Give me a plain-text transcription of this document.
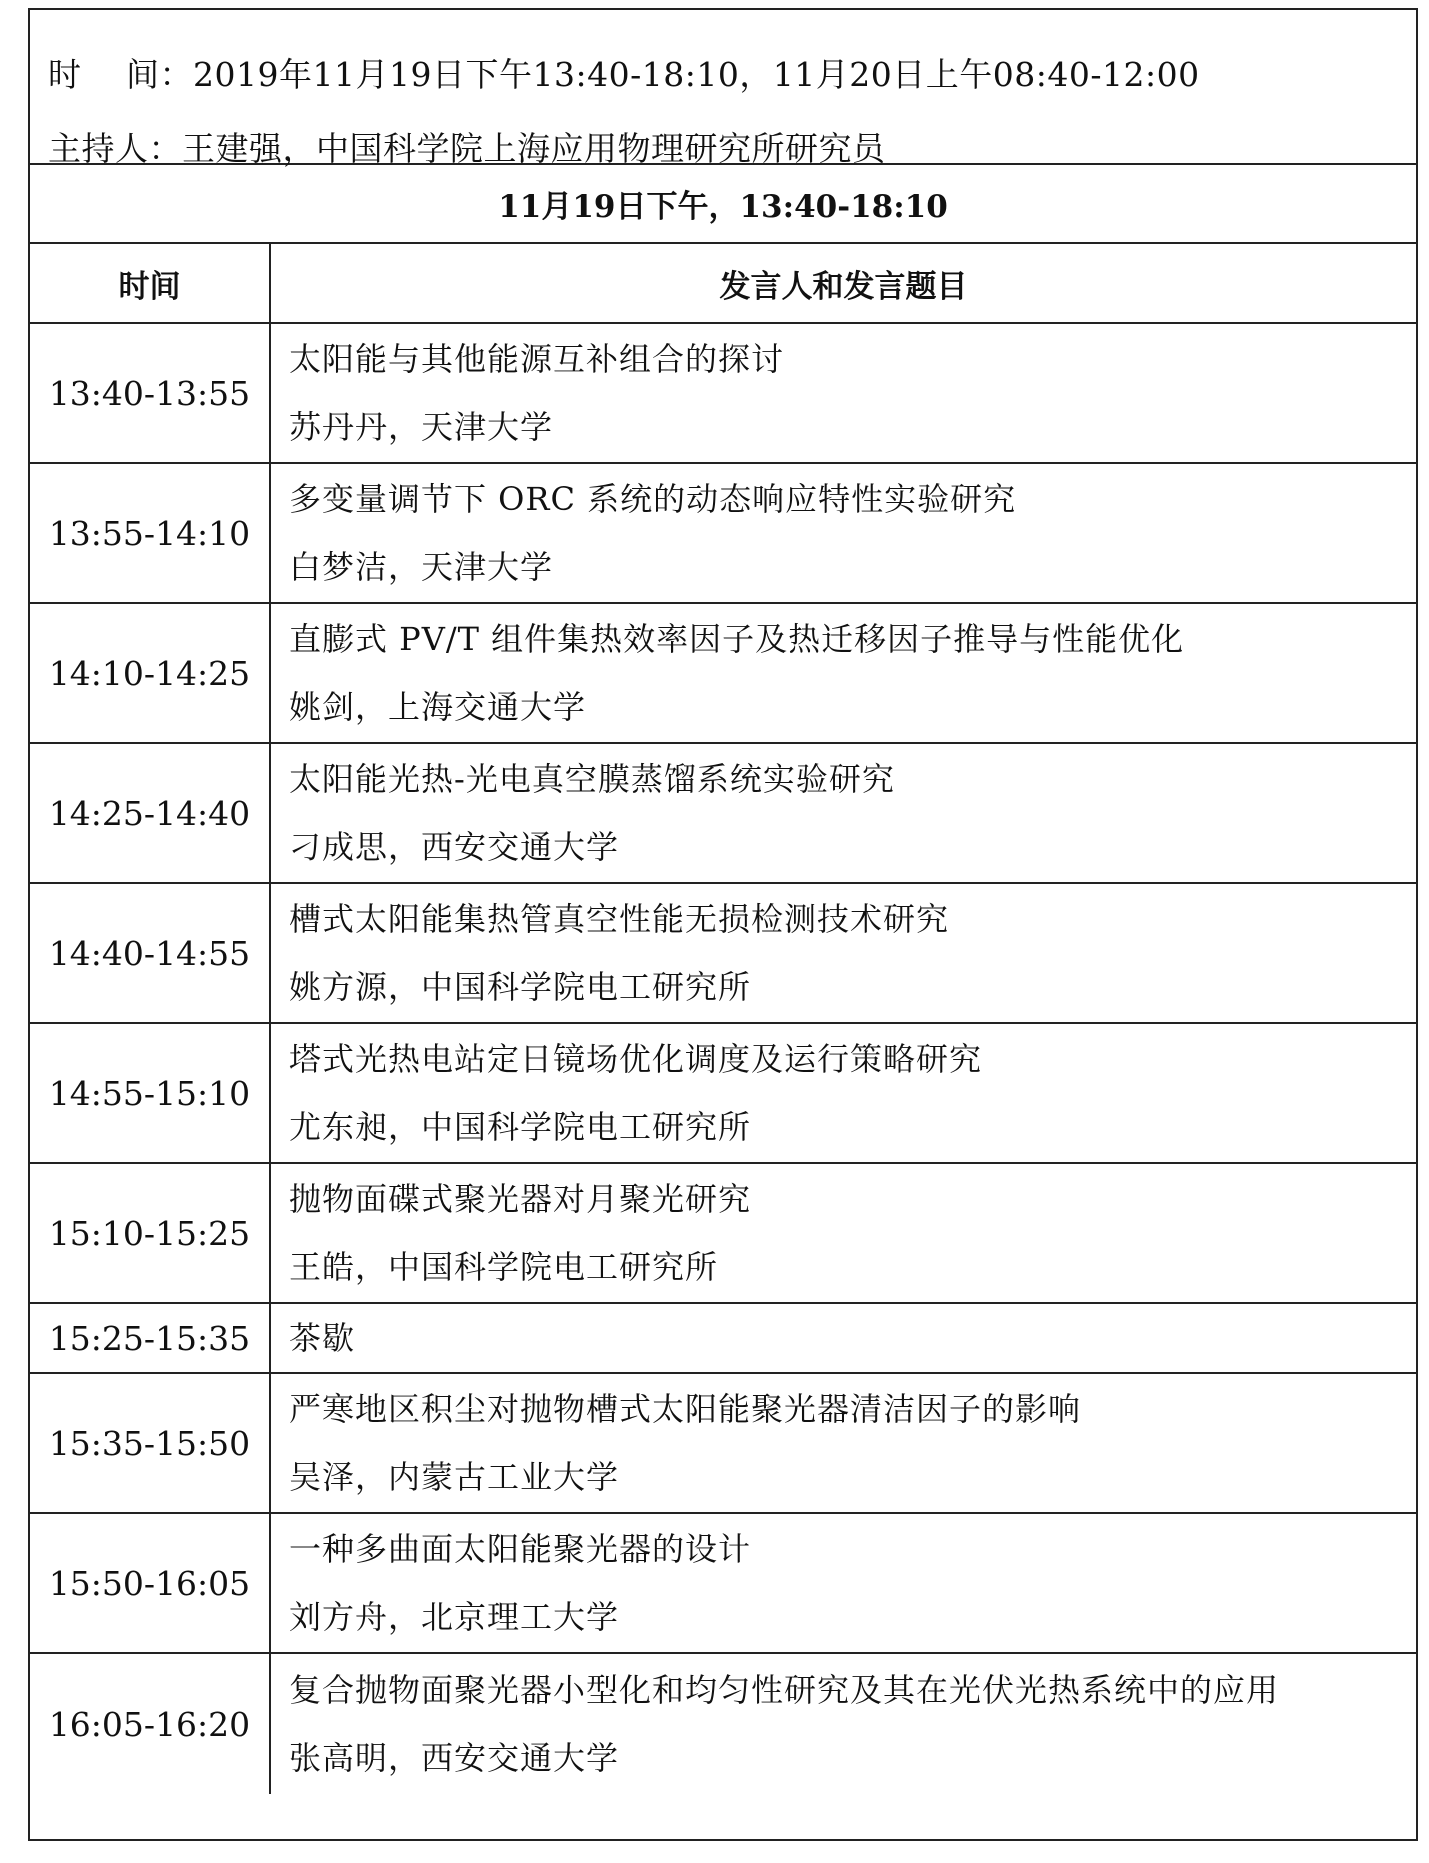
时　 间：2019年11月19日下午13:40-18:10，11月20日上午08:40-12:00
主持人：王建强，中国科学院上海应用物理研究所研究员
11月19日下午，13:40-18:10
时间	发言人和发言题目
13:40-13:55
太阳能与其他能源互补组合的探讨
苏丹丹，天津大学
13:55-14:10
多变量调节下 ORC 系统的动态响应特性实验研究
白梦洁，天津大学
14:10-14:25
直膨式 PV/T 组件集热效率因子及热迁移因子推导与性能优化
姚剑，上海交通大学
14:25-14:40
太阳能光热-光电真空膜蒸馏系统实验研究
刁成思，西安交通大学
14:40-14:55
槽式太阳能集热管真空性能无损检测技术研究
姚方源，中国科学院电工研究所
14:55-15:10
塔式光热电站定日镜场优化调度及运行策略研究
尤东昶，中国科学院电工研究所
15:10-15:25
抛物面碟式聚光器对月聚光研究
王皓，中国科学院电工研究所
15:25-15:35	茶歇
15:35-15:50
严寒地区积尘对抛物槽式太阳能聚光器清洁因子的影响
吴泽，内蒙古工业大学
15:50-16:05
一种多曲面太阳能聚光器的设计
刘方舟，北京理工大学
16:05-16:20
复合抛物面聚光器小型化和均匀性研究及其在光伏光热系统中的应用
张高明，西安交通大学
